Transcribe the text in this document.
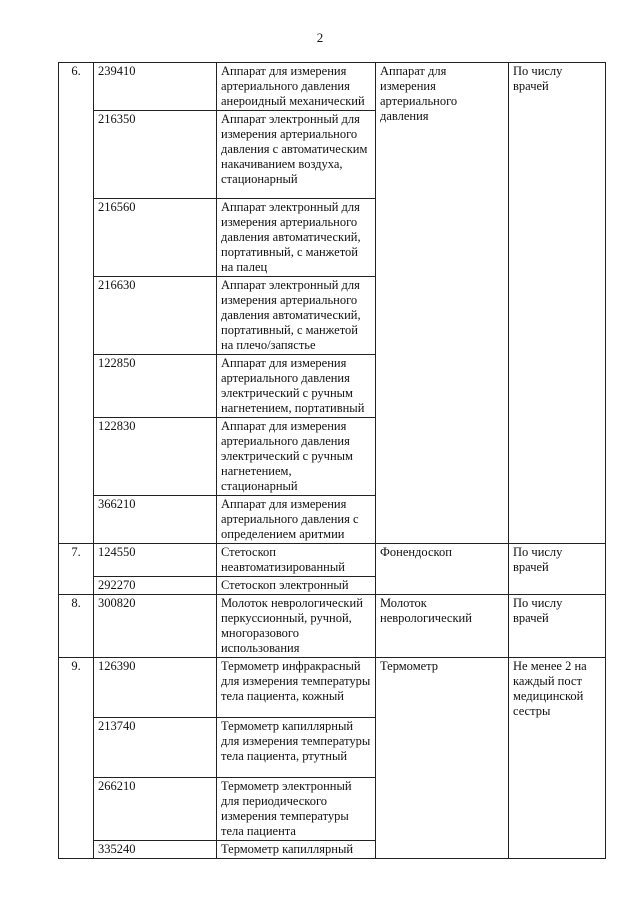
2
6.	239410	Аппарат для измерения артериального давления анероидный механический	Аппарат для измерения артериального давления	По числу врачей
	216350	Аппарат электронный для измерения артериального давления с автоматическим накачиванием воздуха, стационарный		
	216560	Аппарат электронный для измерения артериального давления автоматический, портативный, с манжетой на палец		
	216630	Аппарат электронный для измерения артериального давления автоматический, портативный, с манжетой на плечо/запястье		
	122850	Аппарат для измерения артериального давления электрический с ручным нагнетением, портативный		
	122830	Аппарат для измерения артериального давления электрический с ручным нагнетением, стационарный		
	366210	Аппарат для измерения артериального давления с определением аритмии		
7.	124550	Стетоскоп неавтоматизированный	Фонендоскоп	По числу врачей
	292270	Стетоскоп электронный		
8.	300820	Молоток неврологический перкуссионный, ручной, многоразового использования	Молоток неврологический	По числу врачей
9.	126390	Термометр инфракрасный для измерения температуры тела пациента, кожный	Термометр	Не менее 2 на каждый пост медицинской сестры
	213740	Термометр капиллярный для измерения температуры тела пациента, ртутный		
	266210	Термометр электронный для периодического измерения температуры тела пациента		
	335240	Термометр капиллярный		
